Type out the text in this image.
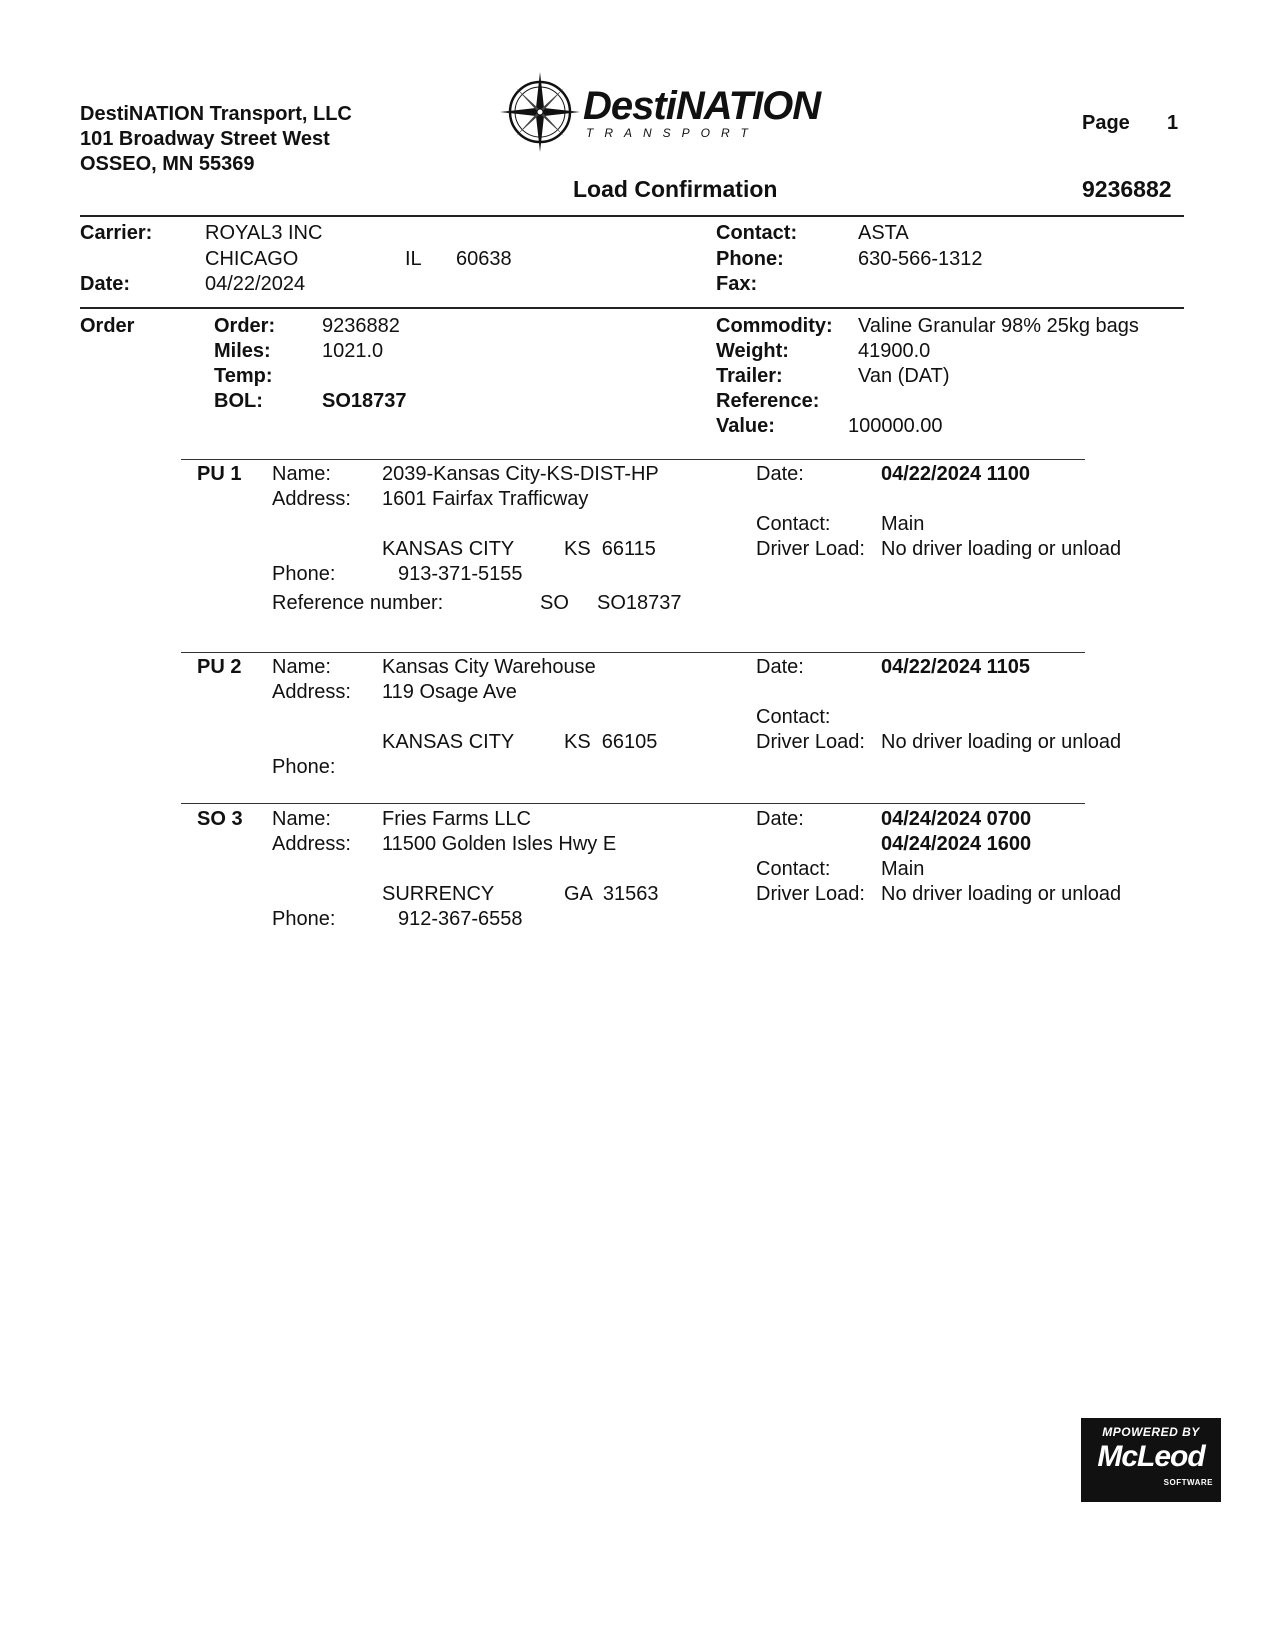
DestiNATION Transport, LLC
101 Broadway Street West
OSSEO, MN 55369
DestiNATION
TRANSPORT	Page 1
Load Confirmation	9236882
Carrier:	ROYAL3 INC
CHICAGO	IL 60638
Date:	04/22/2024
Contact:	ASTA
Phone:	630-566-1312
Fax:
Order	Order: 9236882
Miles:	1021.0
Temp:
BOL:	SO18737
Commodity: Valine Granular 98% 25kg bags
Weight:	41900.0
Trailer:	Van (DAT)
Reference:
Value:	100000.00
PU 1 Name:	2039-Kansas City-KS-DIST-HP
Address: 1601 Fairfax Trafficway
KANSAS CITY KS  66115
Phone:	913-371-5155
Reference number:	SO SO18737
Date:	04/22/2024 1100
Contact:	Main
Driver Load: No driver loading or unload
PU 2 Name:	Kansas City Warehouse
Address: 119 Osage Ave
KANSAS CITY KS  66105
Phone:
Date:	04/22/2024 1105
Contact:
Driver Load: No driver loading or unload
SO 3 Name:	Fries Farms LLC
Address: 11500 Golden Isles Hwy E
SURRENCY	GA  31563
Phone:	912-367-6558
Date:	04/24/2024 0700
04/24/2024 1600
Contact:	Main
Driver Load: No driver loading or unload
MPOWERED BY
McLeod
SOFTWARE
